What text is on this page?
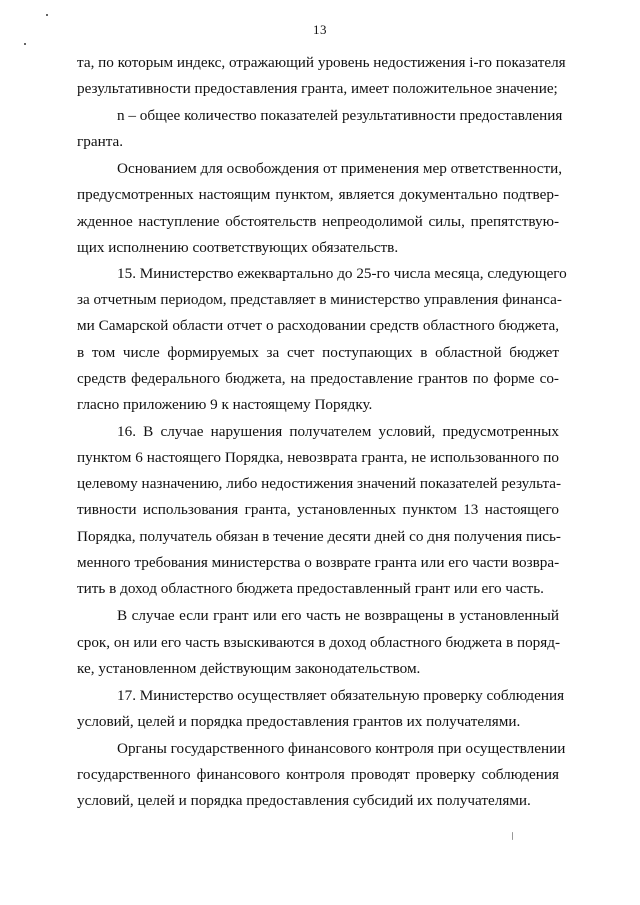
13
та, по которым индекс, отражающий уровень недостижения i-го показателя
результативности предоставления гранта, имеет положительное значение;
n – общее количество показателей результативности предоставления
гранта.
Основанием для освобождения от применения мер ответственности,
предусмотренных настоящим пунктом, является документально подтвер-
жденное наступление обстоятельств непреодолимой силы, препятствую-
щих исполнению соответствующих обязательств.
15. Министерство ежеквартально до 25-го числа месяца, следующего
за отчетным периодом, представляет в министерство управления финанса-
ми Самарской области отчет о расходовании средств областного бюджета,
в том числе формируемых за счет поступающих в областной бюджет
средств федерального бюджета, на предоставление грантов по форме со-
гласно приложению 9 к настоящему Порядку.
16. В случае нарушения получателем условий, предусмотренных
пунктом 6 настоящего Порядка, невозврата гранта, не использованного по
целевому назначению, либо недостижения значений показателей результа-
тивности использования гранта, установленных пунктом 13 настоящего
Порядка, получатель обязан в течение десяти дней со дня получения пись-
менного требования министерства о возврате гранта или его части возвра-
тить в доход областного бюджета предоставленный грант или его часть.
В случае если грант или его часть не возвращены в установленный
срок, он или его часть взыскиваются в доход областного бюджета в поряд-
ке, установленном действующим законодательством.
17. Министерство осуществляет обязательную проверку соблюдения
условий, целей и порядка предоставления грантов их получателями.
Органы государственного финансового контроля при осуществлении
государственного финансового контроля проводят проверку соблюдения
условий, целей и порядка предоставления субсидий их получателями.
